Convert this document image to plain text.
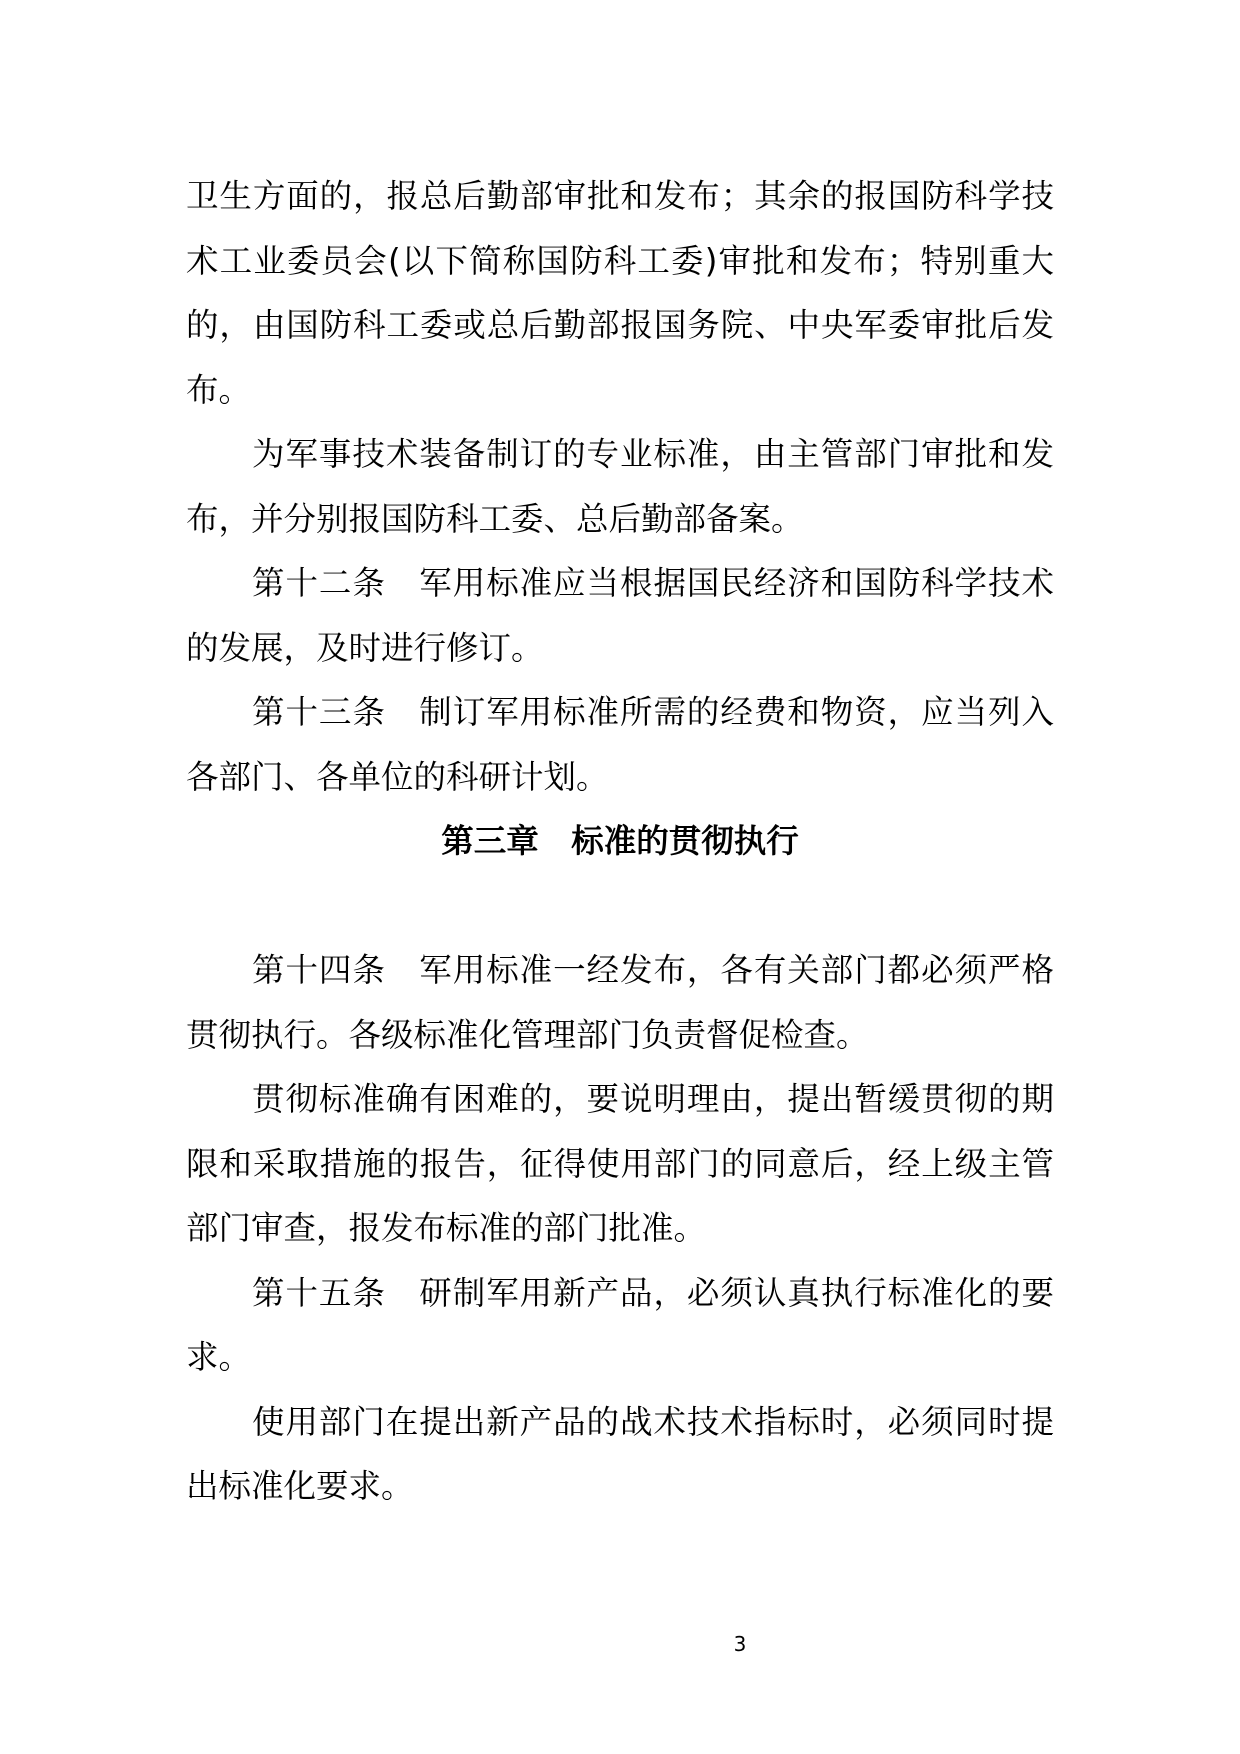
卫生方面的，报总后勤部审批和发布；其余的报国防科学技术工业委员会(以下简称国防科工委)审批和发布；特别重大的，由国防科工委或总后勤部报国务院、中央军委审批后发布。

为军事技术装备制订的专业标准，由主管部门审批和发布，并分别报国防科工委、总后勤部备案。

第十二条　军用标准应当根据国民经济和国防科学技术的发展，及时进行修订。

第十三条　制订军用标准所需的经费和物资，应当列入各部门、各单位的科研计划。

第三章　标准的贯彻执行

第十四条　军用标准一经发布，各有关部门都必须严格贯彻执行。各级标准化管理部门负责督促检查。

贯彻标准确有困难的，要说明理由，提出暂缓贯彻的期限和采取措施的报告，征得使用部门的同意后，经上级主管部门审查，报发布标准的部门批准。

第十五条　研制军用新产品，必须认真执行标准化的要求。

使用部门在提出新产品的战术技术指标时，必须同时提出标准化要求。

3
